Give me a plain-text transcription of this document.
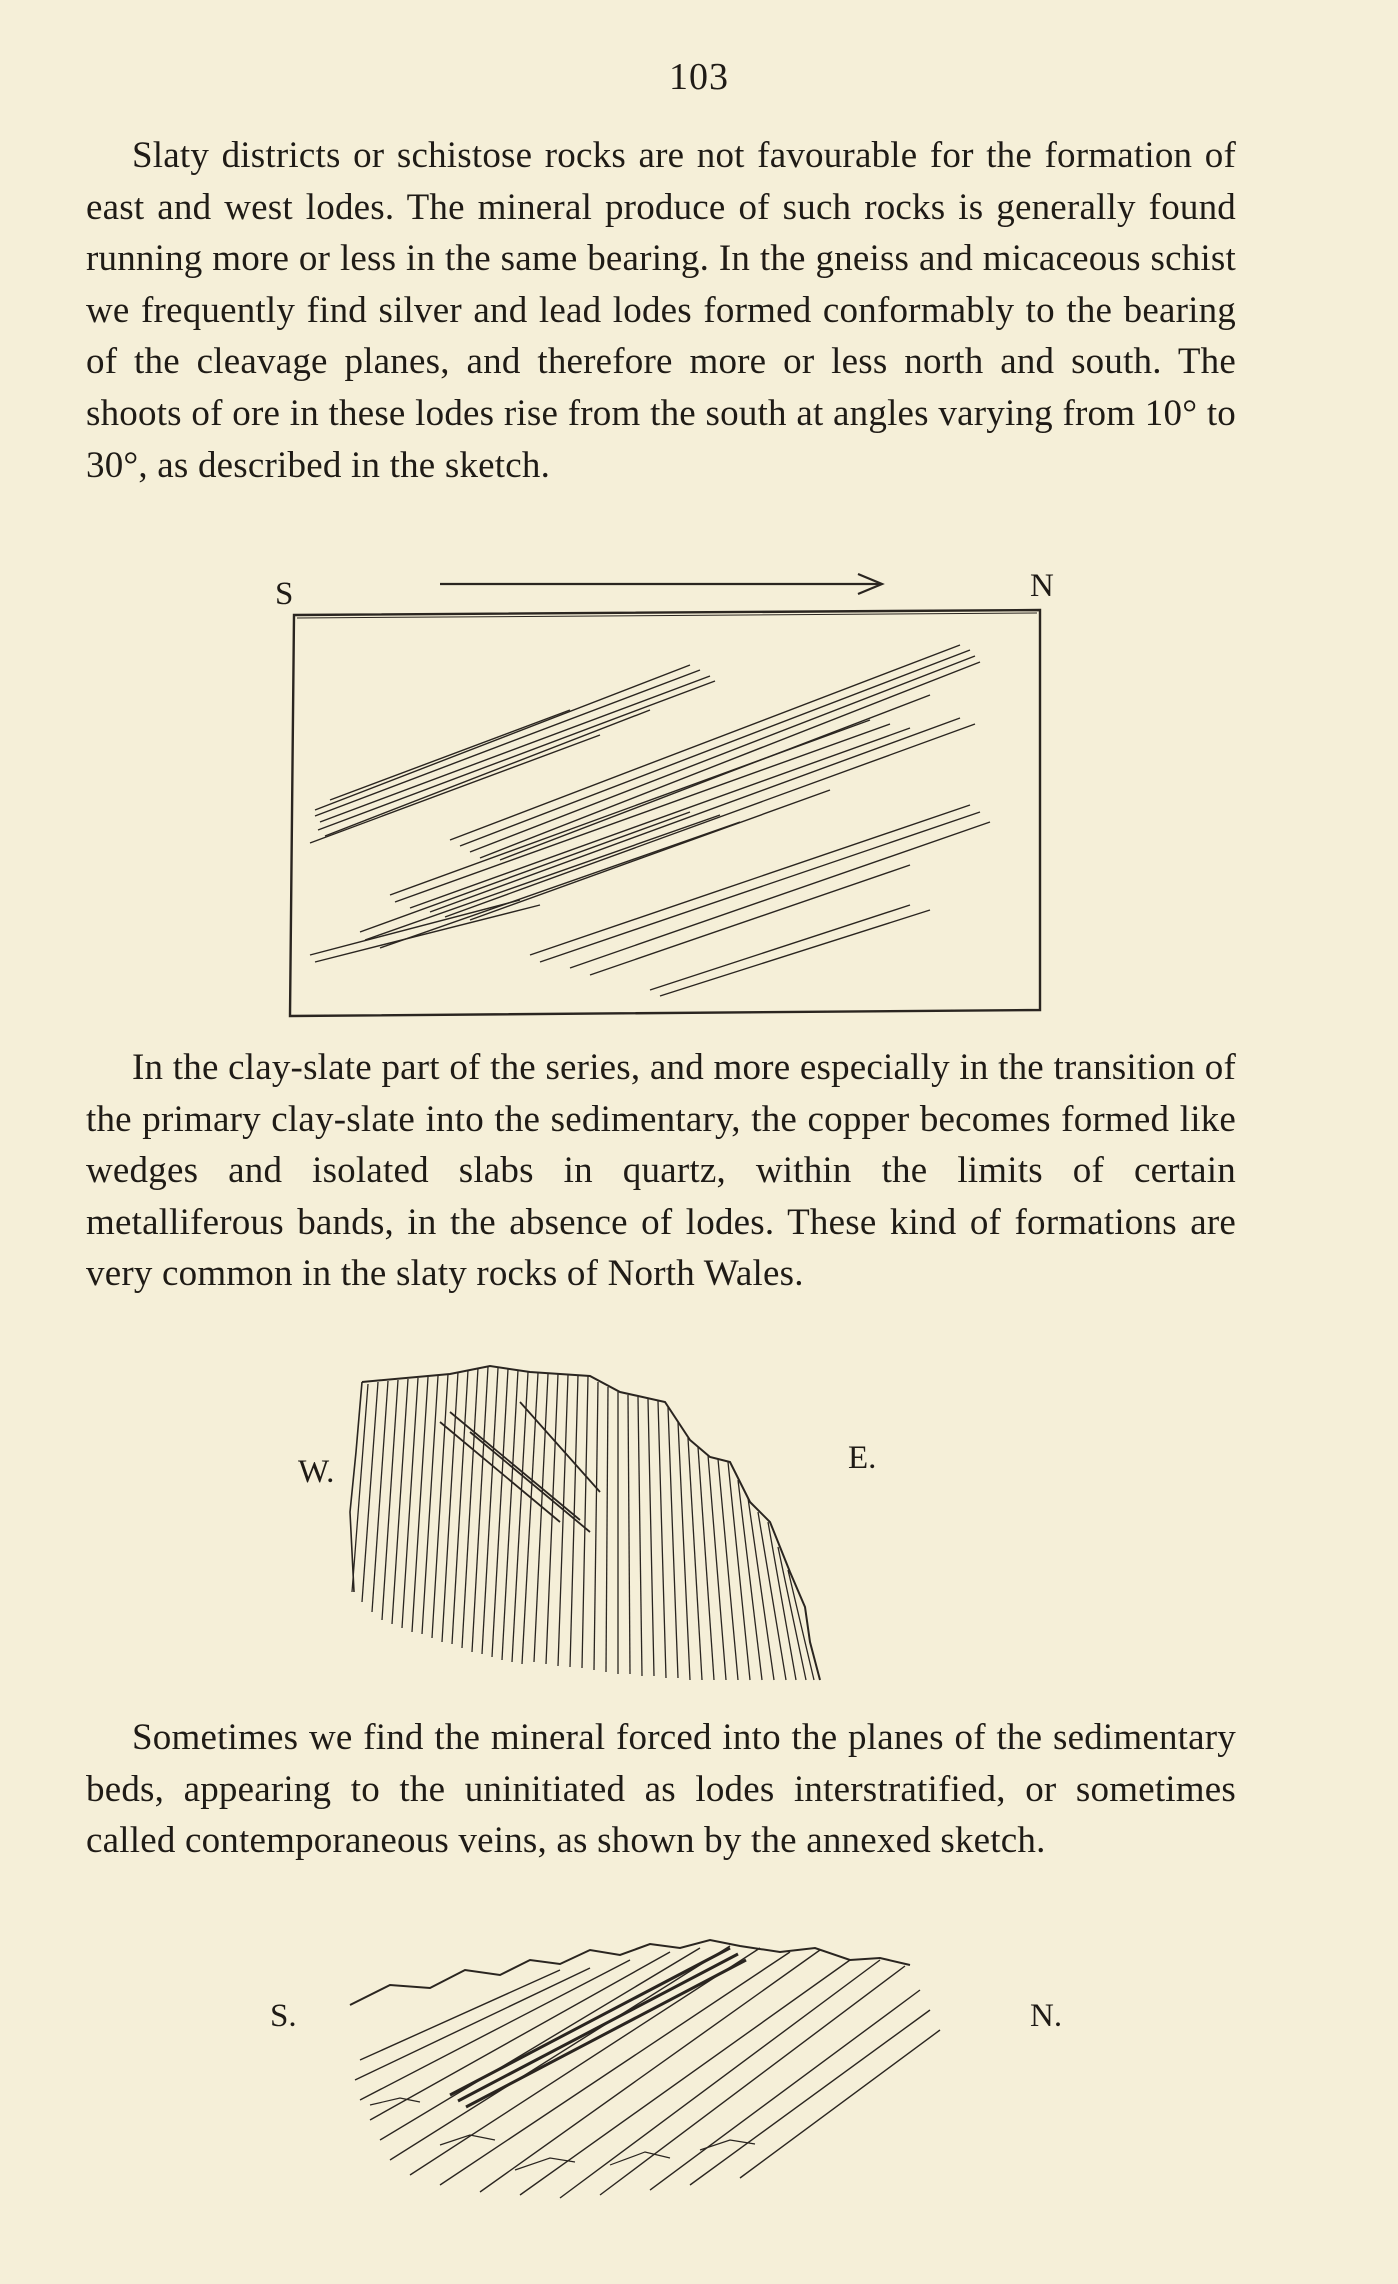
103

Slaty districts or schistose rocks are not favourable for the formation of east and west lodes. The mineral produce of such rocks is generally found running more or less in the same bearing. In the gneiss and micaceous schist we frequently find silver and lead lodes formed conformably to the bearing of the cleavage planes, and therefore more or less north and south. The shoots of ore in these lodes rise from the south at angles varying from 10° to 30°, as described in the sketch.

S	N

In the clay-slate part of the series, and more especially in the transition of the primary clay-slate into the sedimentary, the copper becomes formed like wedges and isolated slabs in quartz, within the limits of certain metalliferous bands, in the absence of lodes. These kind of formations are very common in the slaty rocks of North Wales.

W.	E.

Sometimes we find the mineral forced into the planes of the sedimentary beds, appearing to the uninitiated as lodes interstratified, or sometimes called contemporaneous veins, as shown by the annexed sketch.

S.	N.
